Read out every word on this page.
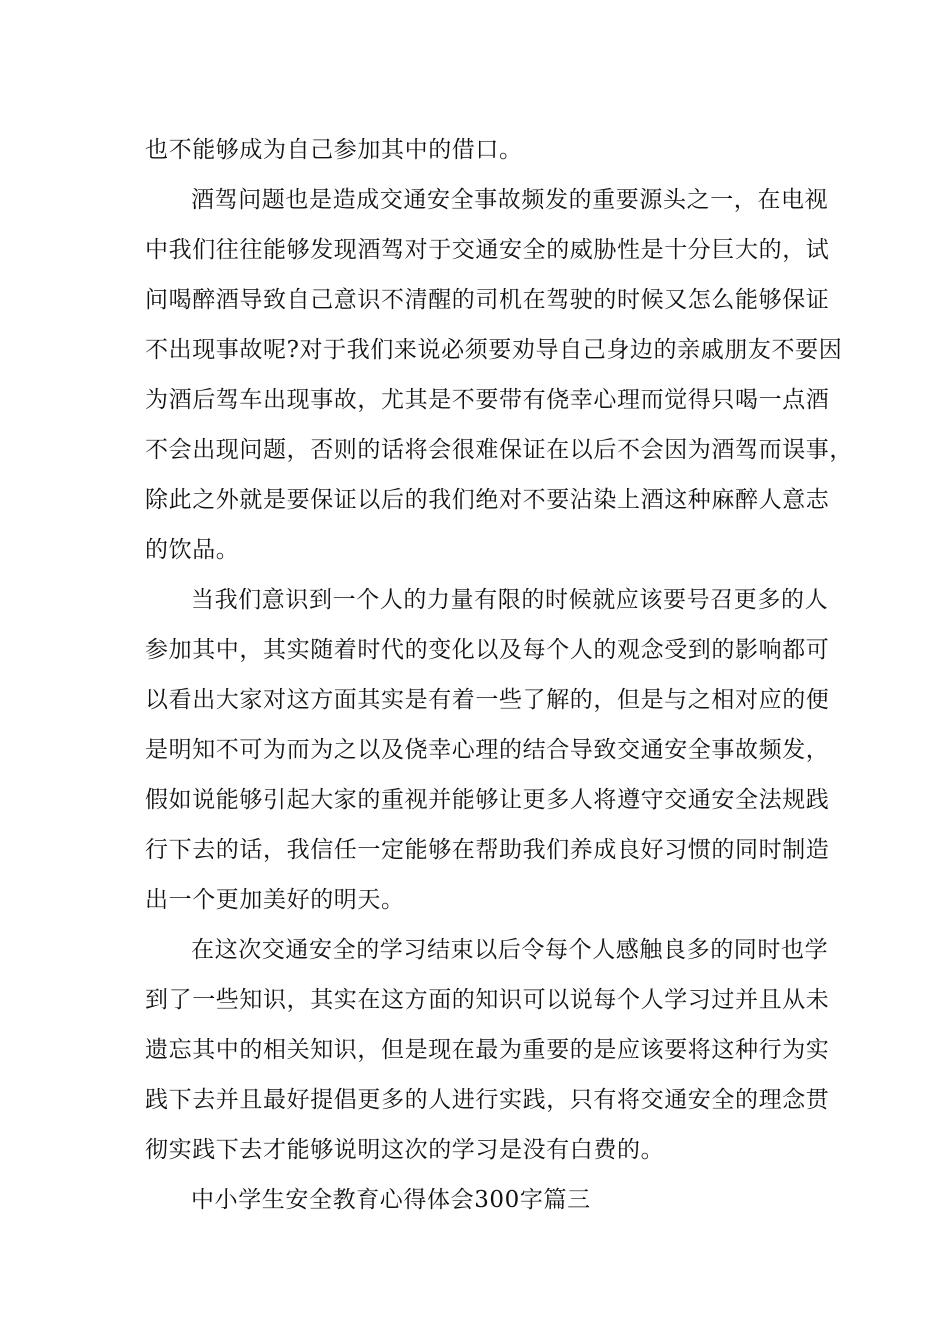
也不能够成为自己参加其中的借口。
酒驾问题也是造成交通安全事故频发的重要源头之一，在电视
中我们往往能够发现酒驾对于交通安全的威胁性是十分巨大的，试
问喝醉酒导致自己意识不清醒的司机在驾驶的时候又怎么能够保证
不出现事故呢?对于我们来说必须要劝导自己身边的亲戚朋友不要因
为酒后驾车出现事故，尤其是不要带有侥幸心理而觉得只喝一点酒
不会出现问题，否则的话将会很难保证在以后不会因为酒驾而误事，
除此之外就是要保证以后的我们绝对不要沾染上酒这种麻醉人意志
的饮品。
当我们意识到一个人的力量有限的时候就应该要号召更多的人
参加其中，其实随着时代的变化以及每个人的观念受到的影响都可
以看出大家对这方面其实是有着一些了解的，但是与之相对应的便
是明知不可为而为之以及侥幸心理的结合导致交通安全事故频发，
假如说能够引起大家的重视并能够让更多人将遵守交通安全法规践
行下去的话，我信任一定能够在帮助我们养成良好习惯的同时制造
出一个更加美好的明天。
在这次交通安全的学习结束以后令每个人感触良多的同时也学
到了一些知识，其实在这方面的知识可以说每个人学习过并且从未
遗忘其中的相关知识，但是现在最为重要的是应该要将这种行为实
践下去并且最好提倡更多的人进行实践，只有将交通安全的理念贯
彻实践下去才能够说明这次的学习是没有白费的。
中小学生安全教育心得体会300字篇三
